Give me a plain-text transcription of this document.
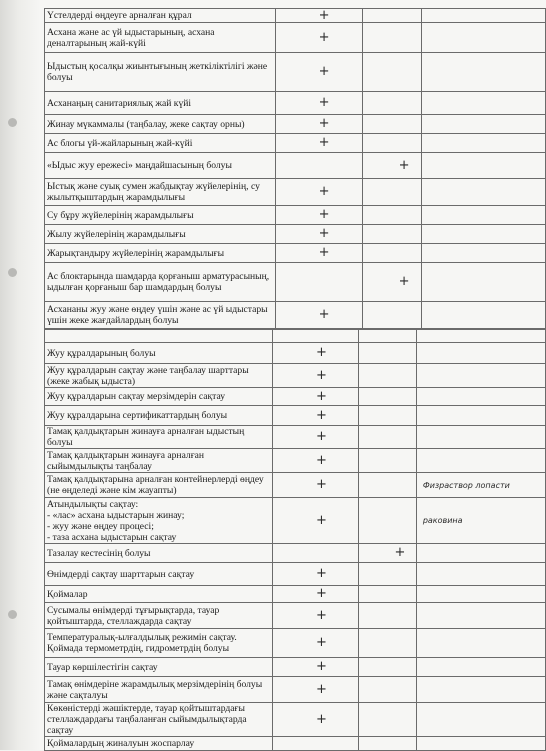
Үстелдерді өңдеуге арналған құрал	+		

Асхана және ас үй ыдыстарының, асхана деналтарының жай-күйі	+		

Ыдыстың қосалқы жиынтығының жеткіліктілігі және болуы	+		

Асханаңың санитариялық жай күйі	+		

Жинау мүкаммалы (таңбалау, жеке сақтау орны)	+		

Ас блогы үй-жайларының жай-күйі	+		

«Ыдыс жуу ережесі» маңдайшасының болуы		+	

Ыстық және суық сумен жабдықтау жүйелерінің, су жылытқыштардың жарамдылығы	+		

Су бұру жүйелерінің жарамдылығы	+		

Жылу жүйелерінің жарамдылығы	+		

Жарықтандыру жүйелерінің жарамдылығы	+		

Ас блоктарында шамдарда қорғаныш арматурасының, ыдылған қорғаныш бар шамдардың болуы		+	

Асхананы жуу және өңдеу үшін және ас үй ыдыстары үшін жеке жағдайлардың болуы	+		

Жуу құралдарының болуы	+		

Жуу құралдарын сақтау және таңбалау шарттары (жеке жабық ыдыста)	+		

Жуу құралдарын сақтау мерзімдерін сақтау	+		

Жуу құралдарына сертификаттардың болуы	+		

Тамақ қалдықтарын жинауға арналған ыдыстың болуы	+		

Тамақ қалдықтарын жинауға арналған сыйымдылықты таңбалау	+		

Тамақ қалдықтарына арналған контейнерлерді өңдеу (не өңделеді және кім жауапты)	+		Физраствор лопасти

Атындылықты сақтау:
- «лас» асхана ыдыстарын жинау;
- жуу және өңдеу процесі;
- таза асхана ыдыстарын сақтау	+		раковина

Тазалау кестесінің болуы		+	

Өнімдерді сақтау шарттарын сақтау	+		

Қоймалар	+		

Сусымалы өнімдерді тұғырықтарда, тауар қойтыштарда, стеллаждарда сақтау	+		

Температуралық-ылғалдылық режимін сақтау. Қоймада термометрдің, гидрометрдің болуы	+		

Тауар көршілестігін сақтау	+		

Тамақ өнімдеріне жарамдылық мерзімдерінің болуы және сақталуы	+		

Көкөністерді жәшіктерде, тауар қойтыштардағы стеллаждардағы таңбаланған сыйымдылықтарда сақтау	+		

Қоймалардың жиналуын жоспарлау			
